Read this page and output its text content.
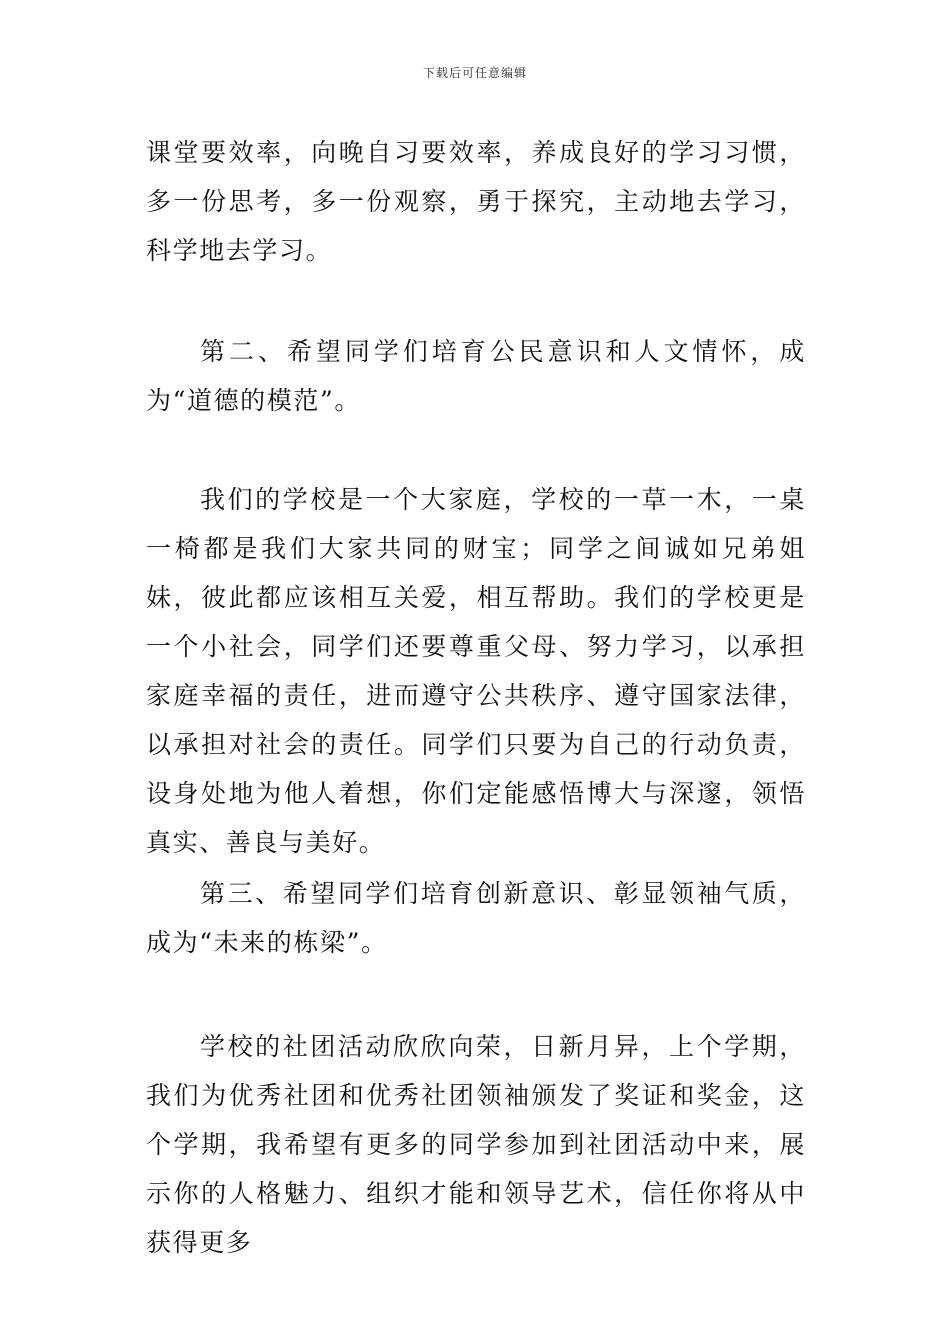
下载后可任意编辑

课堂要效率，向晚自习要效率，养成良好的学习习惯，多一份思考，多一份观察，勇于探究，主动地去学习，科学地去学习。

第二、希望同学们培育公民意识和人文情怀，成为“道德的模范”。

我们的学校是一个大家庭，学校的一草一木，一桌一椅都是我们大家共同的财宝；同学之间诚如兄弟姐妹，彼此都应该相互关爱，相互帮助。我们的学校更是一个小社会，同学们还要尊重父母、努力学习，以承担家庭幸福的责任，进而遵守公共秩序、遵守国家法律，以承担对社会的责任。同学们只要为自己的行动负责，设身处地为他人着想，你们定能感悟博大与深邃，领悟真实、善良与美好。

第三、希望同学们培育创新意识、彰显领袖气质，成为“未来的栋梁”。

学校的社团活动欣欣向荣，日新月异，上个学期，我们为优秀社团和优秀社团领袖颁发了奖证和奖金，这个学期，我希望有更多的同学参加到社团活动中来，展示你的人格魅力、组织才能和领导艺术，信任你将从中获得更多
